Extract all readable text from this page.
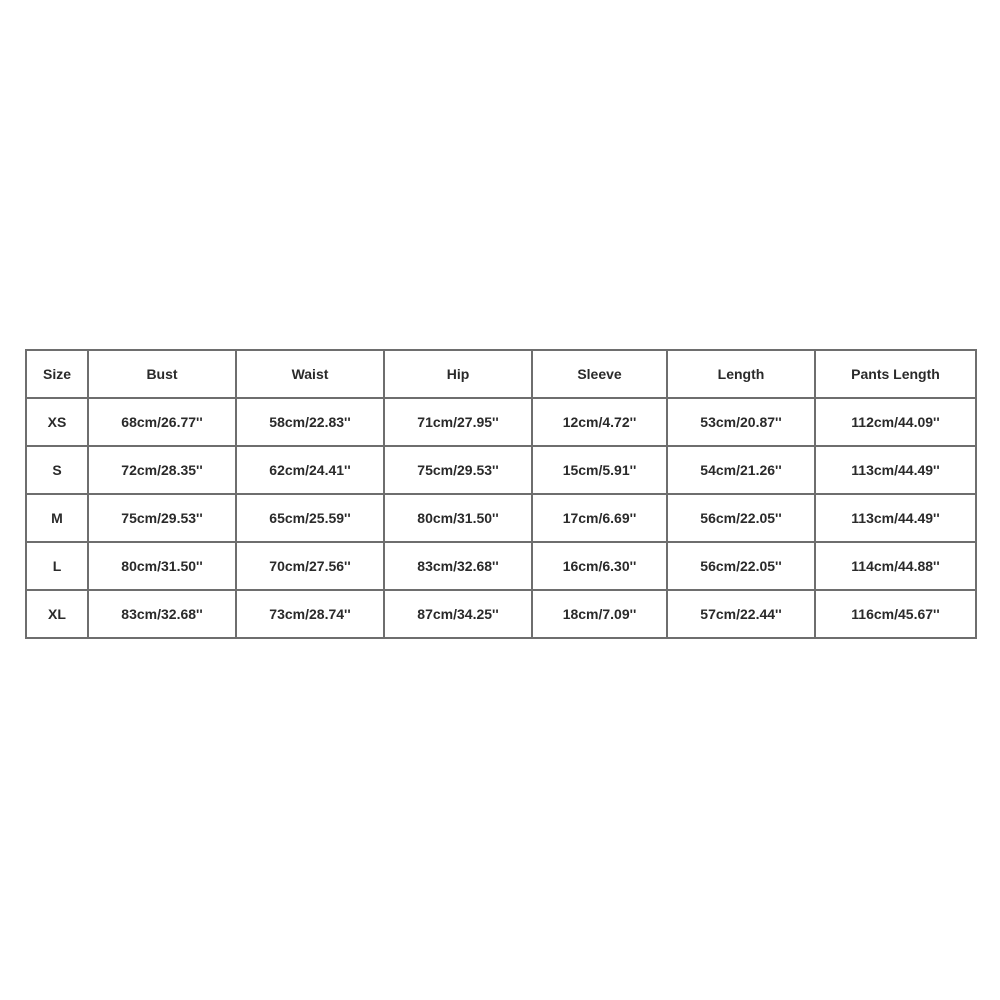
Size	Bust	Waist	Hip	Sleeve	Length	Pants Length
XS	68cm/26.77''	58cm/22.83''	71cm/27.95''	12cm/4.72''	53cm/20.87''	112cm/44.09''
S	72cm/28.35''	62cm/24.41''	75cm/29.53''	15cm/5.91''	54cm/21.26''	113cm/44.49''
M	75cm/29.53''	65cm/25.59''	80cm/31.50''	17cm/6.69''	56cm/22.05''	113cm/44.49''
L	80cm/31.50''	70cm/27.56''	83cm/32.68''	16cm/6.30''	56cm/22.05''	114cm/44.88''
XL	83cm/32.68''	73cm/28.74''	87cm/34.25''	18cm/7.09''	57cm/22.44''	116cm/45.67''
